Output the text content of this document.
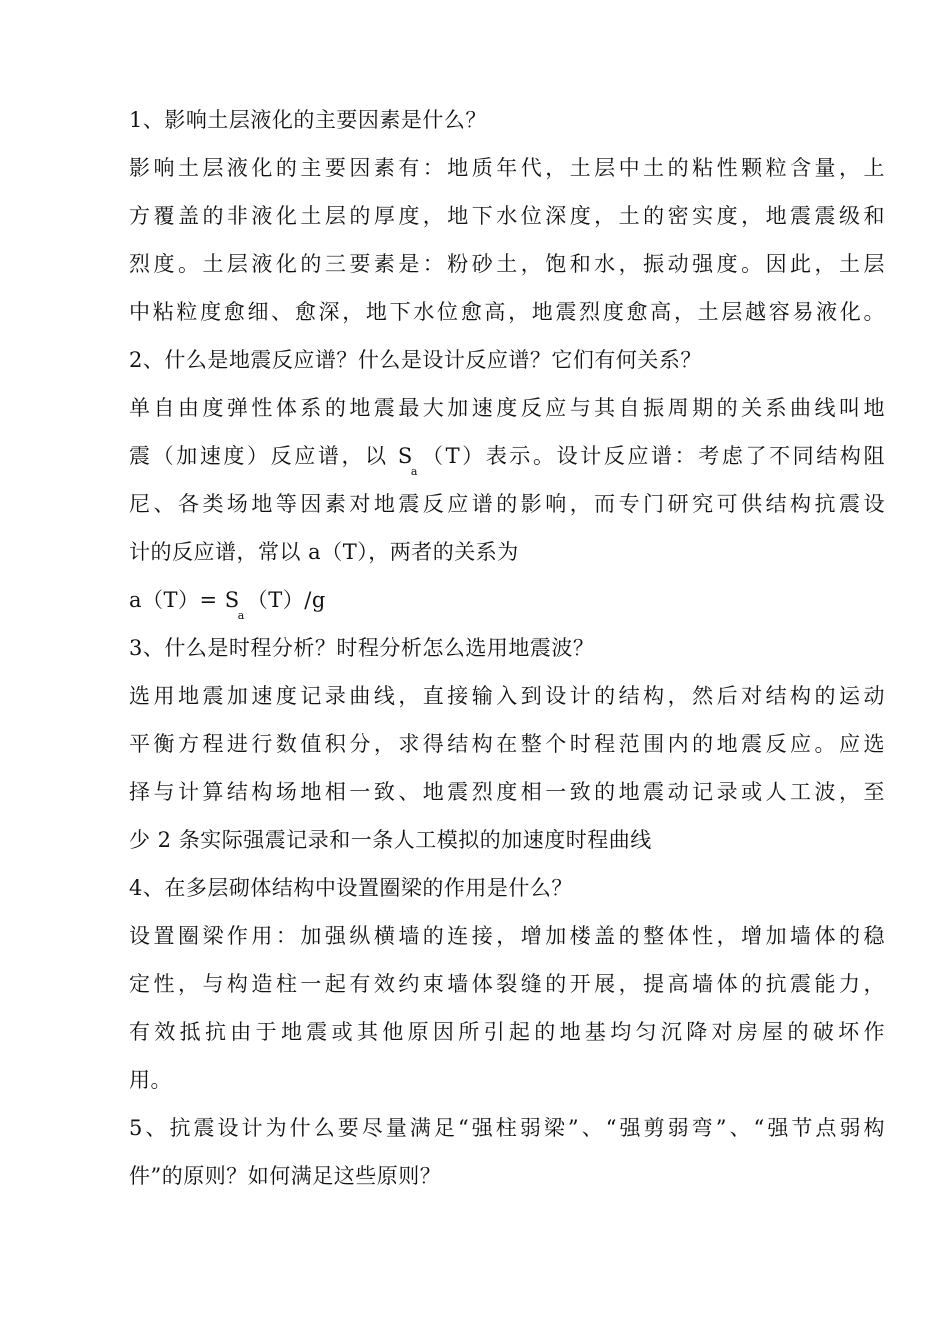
1、影响土层液化的主要因素是什么？
影响土层液化的主要因素有：地质年代，土层中土的粘性颗粒含量，上
方覆盖的非液化土层的厚度，地下水位深度，土的密实度，地震震级和
烈度。土层液化的三要素是：粉砂土，饱和水，振动强度。因此，土层
中粘粒度愈细、愈深，地下水位愈高，地震烈度愈高，土层越容易液化。
2、什么是地震反应谱？什么是设计反应谱？它们有何关系？
单自由度弹性体系的地震最大加速度反应与其自振周期的关系曲线叫地
震（加速度）反应谱，以 $S_a(T)$表示。设计反应谱：考虑了不同结构阻
尼、各类场地等因素对地震反应谱的影响，而专门研究可供结构抗震设
计的反应谱，常以 a（T），两者的关系为
$a(T)= S_a(T)/g$
3、什么是时程分析？时程分析怎么选用地震波？
选用地震加速度记录曲线，直接输入到设计的结构，然后对结构的运动
平衡方程进行数值积分，求得结构在整个时程范围内的地震反应。应选
择与计算结构场地相一致、地震烈度相一致的地震动记录或人工波，至
少 2 条实际强震记录和一条人工模拟的加速度时程曲线
4、在多层砌体结构中设置圈梁的作用是什么？
设置圈梁作用：加强纵横墙的连接，增加楼盖的整体性，增加墙体的稳
定性，与构造柱一起有效约束墙体裂缝的开展，提高墙体的抗震能力，
有效抵抗由于地震或其他原因所引起的地基均匀沉降对房屋的破坏作
用。
5、抗震设计为什么要尽量满足“强柱弱梁”、“强剪弱弯”、“强节点弱构
件”的原则？如何满足这些原则？
